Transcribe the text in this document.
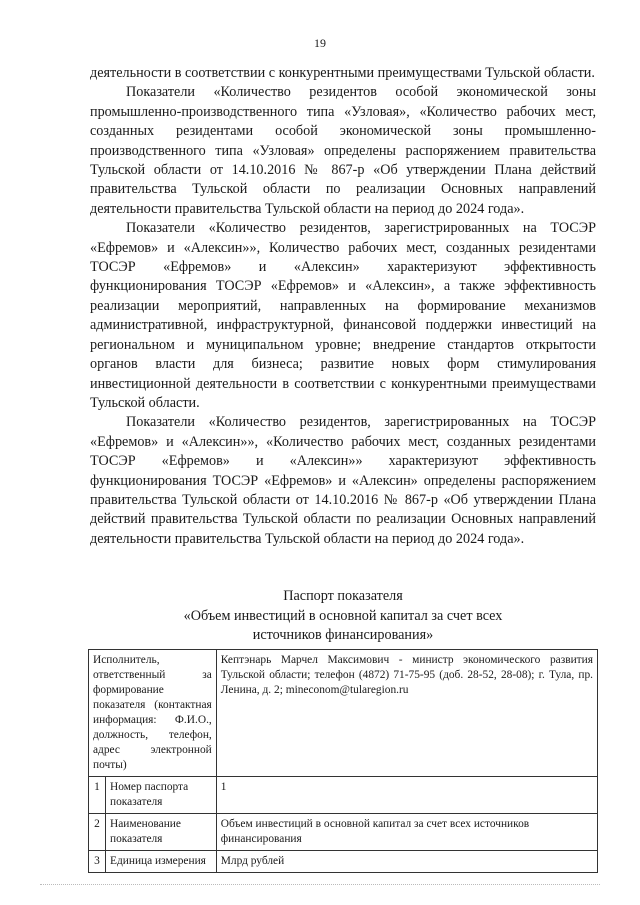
19

деятельности в соответствии с конкурентными преимуществами Тульской области.

Показатели «Количество резидентов особой экономической зоны промышленно-производственного типа «Узловая», «Количество рабочих мест, созданных резидентами особой экономической зоны промышленно-производственного типа «Узловая» определены распоряжением правительства Тульской области от 14.10.2016 № 867-р «Об утверждении Плана действий правительства Тульской области по реализации Основных направлений деятельности правительства Тульской области на период до 2024 года».

Показатели «Количество резидентов, зарегистрированных на ТОСЭР «Ефремов» и «Алексин»», Количество рабочих мест, созданных резидентами ТОСЭР «Ефремов» и «Алексин» характеризуют эффективность функционирования ТОСЭР «Ефремов» и «Алексин», а также эффективность реализации мероприятий, направленных на формирование механизмов административной, инфраструктурной, финансовой поддержки инвестиций на региональном и муниципальном уровне; внедрение стандартов открытости органов власти для бизнеса; развитие новых форм стимулирования инвестиционной деятельности в соответствии с конкурентными преимуществами Тульской области.

Показатели «Количество резидентов, зарегистрированных на ТОСЭР «Ефремов» и «Алексин»», «Количество рабочих мест, созданных резидентами ТОСЭР «Ефремов» и «Алексин»» характеризуют эффективность функционирования ТОСЭР «Ефремов» и «Алексин» определены распоряжением правительства Тульской области от 14.10.2016 № 867-р «Об утверждении Плана действий правительства Тульской области по реализации Основных направлений деятельности правительства Тульской области на период до 2024 года».

Паспорт показателя
«Объем инвестиций в основной капитал за счет всех
источников финансирования»
Исполнитель, ответственный за формирование показателя (контактная информация: Ф.И.О., должность, телефон, адрес электронной почты)		Кептэнарь Марчел Максимович - министр экономического развития Тульской области; телефон (4872) 71-75-95 (доб. 28-52, 28-08); г. Тула, пр. Ленина, д. 2; mineconom@tularegion.ru
1	Номер паспорта показателя	1
2	Наименование показателя	Объем инвестиций в основной капитал за счет всех источников финансирования
3	Единица измерения	Млрд рублей
